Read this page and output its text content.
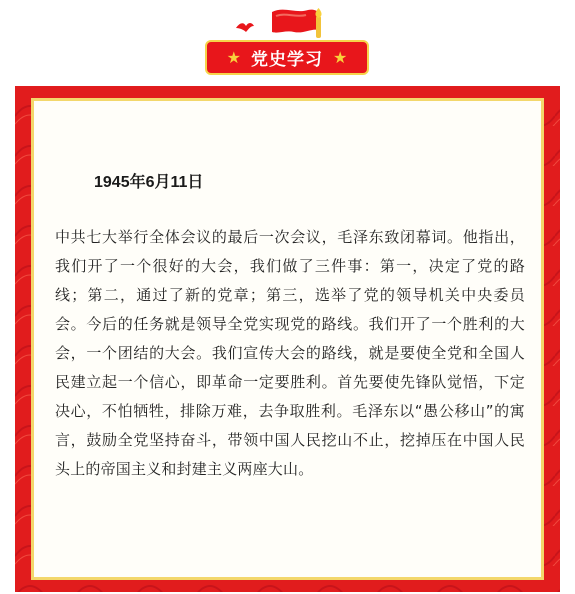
★ 党史学习 ★
1945年6月11日

中共七大举行全体会议的最后一次会议，毛泽东致闭幕词。他指出，我们开了一个很好的大会，我们做了三件事：第一，决定了党的路线；第二，通过了新的党章；第三，选举了党的领导机关中央委员会。今后的任务就是领导全党实现党的路线。我们开了一个胜利的大会，一个团结的大会。我们宣传大会的路线，就是要使全党和全国人民建立起一个信心，即革命一定要胜利。首先要使先锋队觉悟，下定决心，不怕牺牲，排除万难，去争取胜利。毛泽东以“愚公移山”的寓言，鼓励全党坚持奋斗，带领中国人民挖山不止，挖掉压在中国人民头上的帝国主义和封建主义两座大山。
